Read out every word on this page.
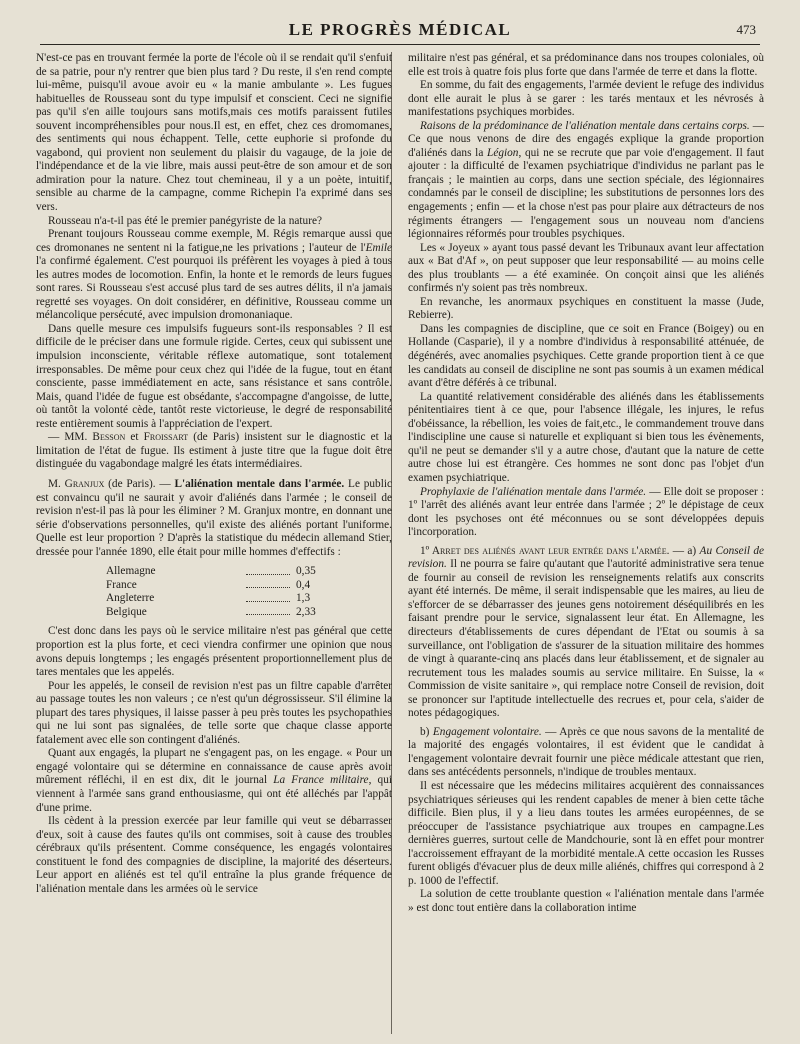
LE PROGRÈS MÉDICAL	473

N'est-ce pas en trouvant fermée la porte de l'école où il se rendait qu'il s'enfuit de sa patrie, pour n'y rentrer que bien plus tard ? Du reste, il s'en rend compte lui-même, puisqu'il avoue avoir eu « la manie ambulante ». Les fugues habituelles de Rousseau sont du type impulsif et conscient. Ceci ne signifie pas qu'il s'en aille toujours sans motifs,mais ces motifs paraissent futiles souvent incompréhensibles pour nous.Il est, en effet, chez ces dromomanes, des sentiments qui nous échappent. Telle, cette euphorie si profonde du vagabond, qui provient non seulement du plaisir du vagauge, de la joie de l'indépendance et de la vie libre, mais aussi peut-être de son amour et de son admiration pour la nature. Chez tout chemineau, il y a un poète, intuitif, sensible au charme de la campagne, comme Richepin l'a exprimé dans ses vers.

Rousseau n'a-t-il pas été le premier panégyriste de la nature?

Prenant toujours Rousseau comme exemple, M. Régis remarque aussi que ces dromonanes ne sentent ni la fatigue,ne les privations ; l'auteur de l'Emile l'a confirmé également. C'est pourquoi ils préfèrent les voyages à pied à tous les autres modes de locomotion. Enfin, la honte et le remords de leurs fugues sont rares. Si Rousseau s'est accusé plus tard de ses autres délits, il n'a jamais regretté ses voyages. On doit considérer, en définitive, Rousseau comme un mélancolique persécuté, avec impulsion dromonaniaque.

Dans quelle mesure ces impulsifs fugueurs sont-ils responsables ? Il est difficile de le préciser dans une formule rigide. Certes, ceux qui subissent une impulsion inconsciente, véritable réflexe automatique, sont totalement irresponsables. De même pour ceux chez qui l'idée de la fugue, tout en étant consciente, passe immédiatement en acte, sans résistance et sans contrôle. Mais, quand l'idée de fugue est obsédante, s'accompagne d'angoisse, de lutte, où tantôt la volonté cède, tantôt reste victorieuse, le degré de responsabilité reste entièrement soumis à l'appréciation de l'expert.

— MM. Besson et Froissart (de Paris) insistent sur le diagnostic et la limitation de l'état de fugue. Ils estiment à juste titre que la fugue doit être distinguée du vagabondage malgré les états intermédiaires.

M. Granjux (de Paris). — L'aliénation mentale dans l'armée. Le public est convaincu qu'il ne saurait y avoir d'aliénés dans l'armée ; le conseil de revision n'est-il pas là pour les éliminer ? M. Granjux montre, en donnant une série d'observations personnelles, qu'il existe des aliénés portant l'uniforme. Quelle est leur proportion ? D'après la statistique du médecin allemand Stier, dressée pour l'année 1890, elle était pour mille hommes d'effectifs :

Allemagne	0,35
France	0,4
Angleterre	1,3
Belgique	2,33

C'est donc dans les pays où le service militaire n'est pas général que cette proportion est la plus forte, et ceci viendra confirmer une opinion que nous avons depuis longtemps ; les engagés présentent proportionnellement plus de tares mentales que les appelés.

Pour les appelés, le conseil de revision n'est pas un filtre capable d'arrêter au passage toutes les non valeurs ; ce n'est qu'un dégrossisseur. S'il élimine la plupart des tares physiques, il laisse passer à peu près toutes les psychopathies qui ne lui sont pas signalées, de telle sorte que chaque classe apporte fatalement avec elle son contingent d'aliénés.

Quant aux engagés, la plupart ne s'engagent pas, on les engage. « Pour un engagé volontaire qui se détermine en connaissance de cause après avoir mûrement réfléchi, il en est dix, dit le journal La France militaire, qui viennent à l'armée sans grand enthousiasme, qui ont été alléchés par l'appât d'une prime.

Ils cèdent à la pression exercée par leur famille qui veut se débarrasser d'eux, soit à cause des fautes qu'ils ont commises, soit à cause des troubles cérébraux qu'ils présentent. Comme conséquence, les engagés volontaires constituent le fond des compagnies de discipline, la majorité des déserteurs. Leur apport en aliénés est tel qu'il entraîne la plus grande fréquence de l'aliénation mentale dans les armées où le service

militaire n'est pas général, et sa prédominance dans nos troupes coloniales, où elle est trois à quatre fois plus forte que dans l'armée de terre et dans la flotte.

En somme, du fait des engagements, l'armée devient le refuge des individus dont elle aurait le plus à se garer : les tarés mentaux et les névrosés à manifestations psychiques morbides.

Raisons de la prédominance de l'aliénation mentale dans certains corps. — Ce que nous venons de dire des engagés explique la grande proportion d'aliénés dans la Légion, qui ne se recrute que par voie d'engagement. Il faut ajouter : la difficulté de l'examen psychiatrique d'individus ne parlant pas le français ; le maintien au corps, dans une section spéciale, des légionnaires condamnés par le conseil de discipline; les substitutions de personnes lors des engagements ; enfin — et la chose n'est pas pour plaire aux détracteurs de nos régiments étrangers — l'engagement sous un nouveau nom d'anciens légionnaires réformés pour troubles psychiques.

Les « Joyeux » ayant tous passé devant les Tribunaux avant leur affectation aux « Bat d'Af », on peut supposer que leur responsabilité — au moins celle des plus troublants — a été examinée. On conçoit ainsi que les aliénés confirmés n'y soient pas très nombreux.

En revanche, les anormaux psychiques en constituent la masse (Jude, Rebierre).

Dans les compagnies de discipline, que ce soit en France (Boigey) ou en Hollande (Casparie), il y a nombre d'individus à responsabilité atténuée, de dégénérés, avec anomalies psychiques. Cette grande proportion tient à ce que les candidats au conseil de discipline ne sont pas soumis à un examen médical avant d'être déférés à ce tribunal.

La quantité relativement considérable des aliénés dans les établissements pénitentiaires tient à ce que, pour l'absence illégale, les injures, le refus d'obéissance, la rébellion, les voies de fait,etc., le commandement trouve dans l'indiscipline une cause si naturelle et expliquant si bien tous les évènements, qu'il ne peut se demander s'il y a autre chose, d'autant que la nature de cette autre chose lui est étrangère. Ces hommes ne sont donc pas l'objet d'un examen psychiatrique.

Prophylaxie de l'aliénation mentale dans l'armée. — Elle doit se proposer : 1º l'arrêt des aliénés avant leur entrée dans l'armée ; 2º le dépistage de ceux dont les psychoses ont été méconnues ou se sont développées depuis l'incorporation.

1º Arret des aliénés avant leur entrée dans l'armée. — a) Au Conseil de revision. Il ne pourra se faire qu'autant que l'autorité administrative sera tenue de fournir au conseil de revision les renseignements relatifs aux conscrits ayant été internés. De même, il serait indispensable que les maires, au lieu de s'efforcer de se débarrasser des jeunes gens notoirement déséquilibrés en les faisant prendre pour le service, signalassent leur état. En Allemagne, les directeurs d'établissements de cures dépendant de l'Etat ou soumis à sa surveillance, ont l'obligation de s'assurer de la situation militaire des hommes de vingt à quarante-cinq ans placés dans leur établissement, et de signaler au recrutement tous les malades soumis au service militaire. En Suisse, la « Commission de visite sanitaire », qui remplace notre Conseil de revision, doit se prononcer sur l'aptitude intellectuelle des recrues et, pour cela, s'aider de notes pédagogiques.

b) Engagement volontaire. — Après ce que nous savons de la mentalité de la majorité des engagés volontaires, il est évident que le candidat à l'engagement volontaire devrait fournir une pièce médicale attestant que rien, dans ses antécédents personnels, n'indique de troubles mentaux.

Il est nécessaire que les médecins militaires acquièrent des connaissances psychiatriques sérieuses qui les rendent capables de mener à bien cette tâche difficile. Bien plus, il y a lieu dans toutes les armées européennes, de se préoccuper de l'assistance psychiatrique aux troupes en campagne.Les dernières guerres, surtout celle de Mandchourie, sont là en effet pour montrer l'accroissement effrayant de la morbidité mentale.A cette occasion les Russes furent obligés d'évacuer plus de deux mille aliénés, chiffres qui correspond à 2 p. 1000 de l'effectif.

La solution de cette troublante question « l'aliénation mentale dans l'armée » est donc tout entière dans la collaboration intime
